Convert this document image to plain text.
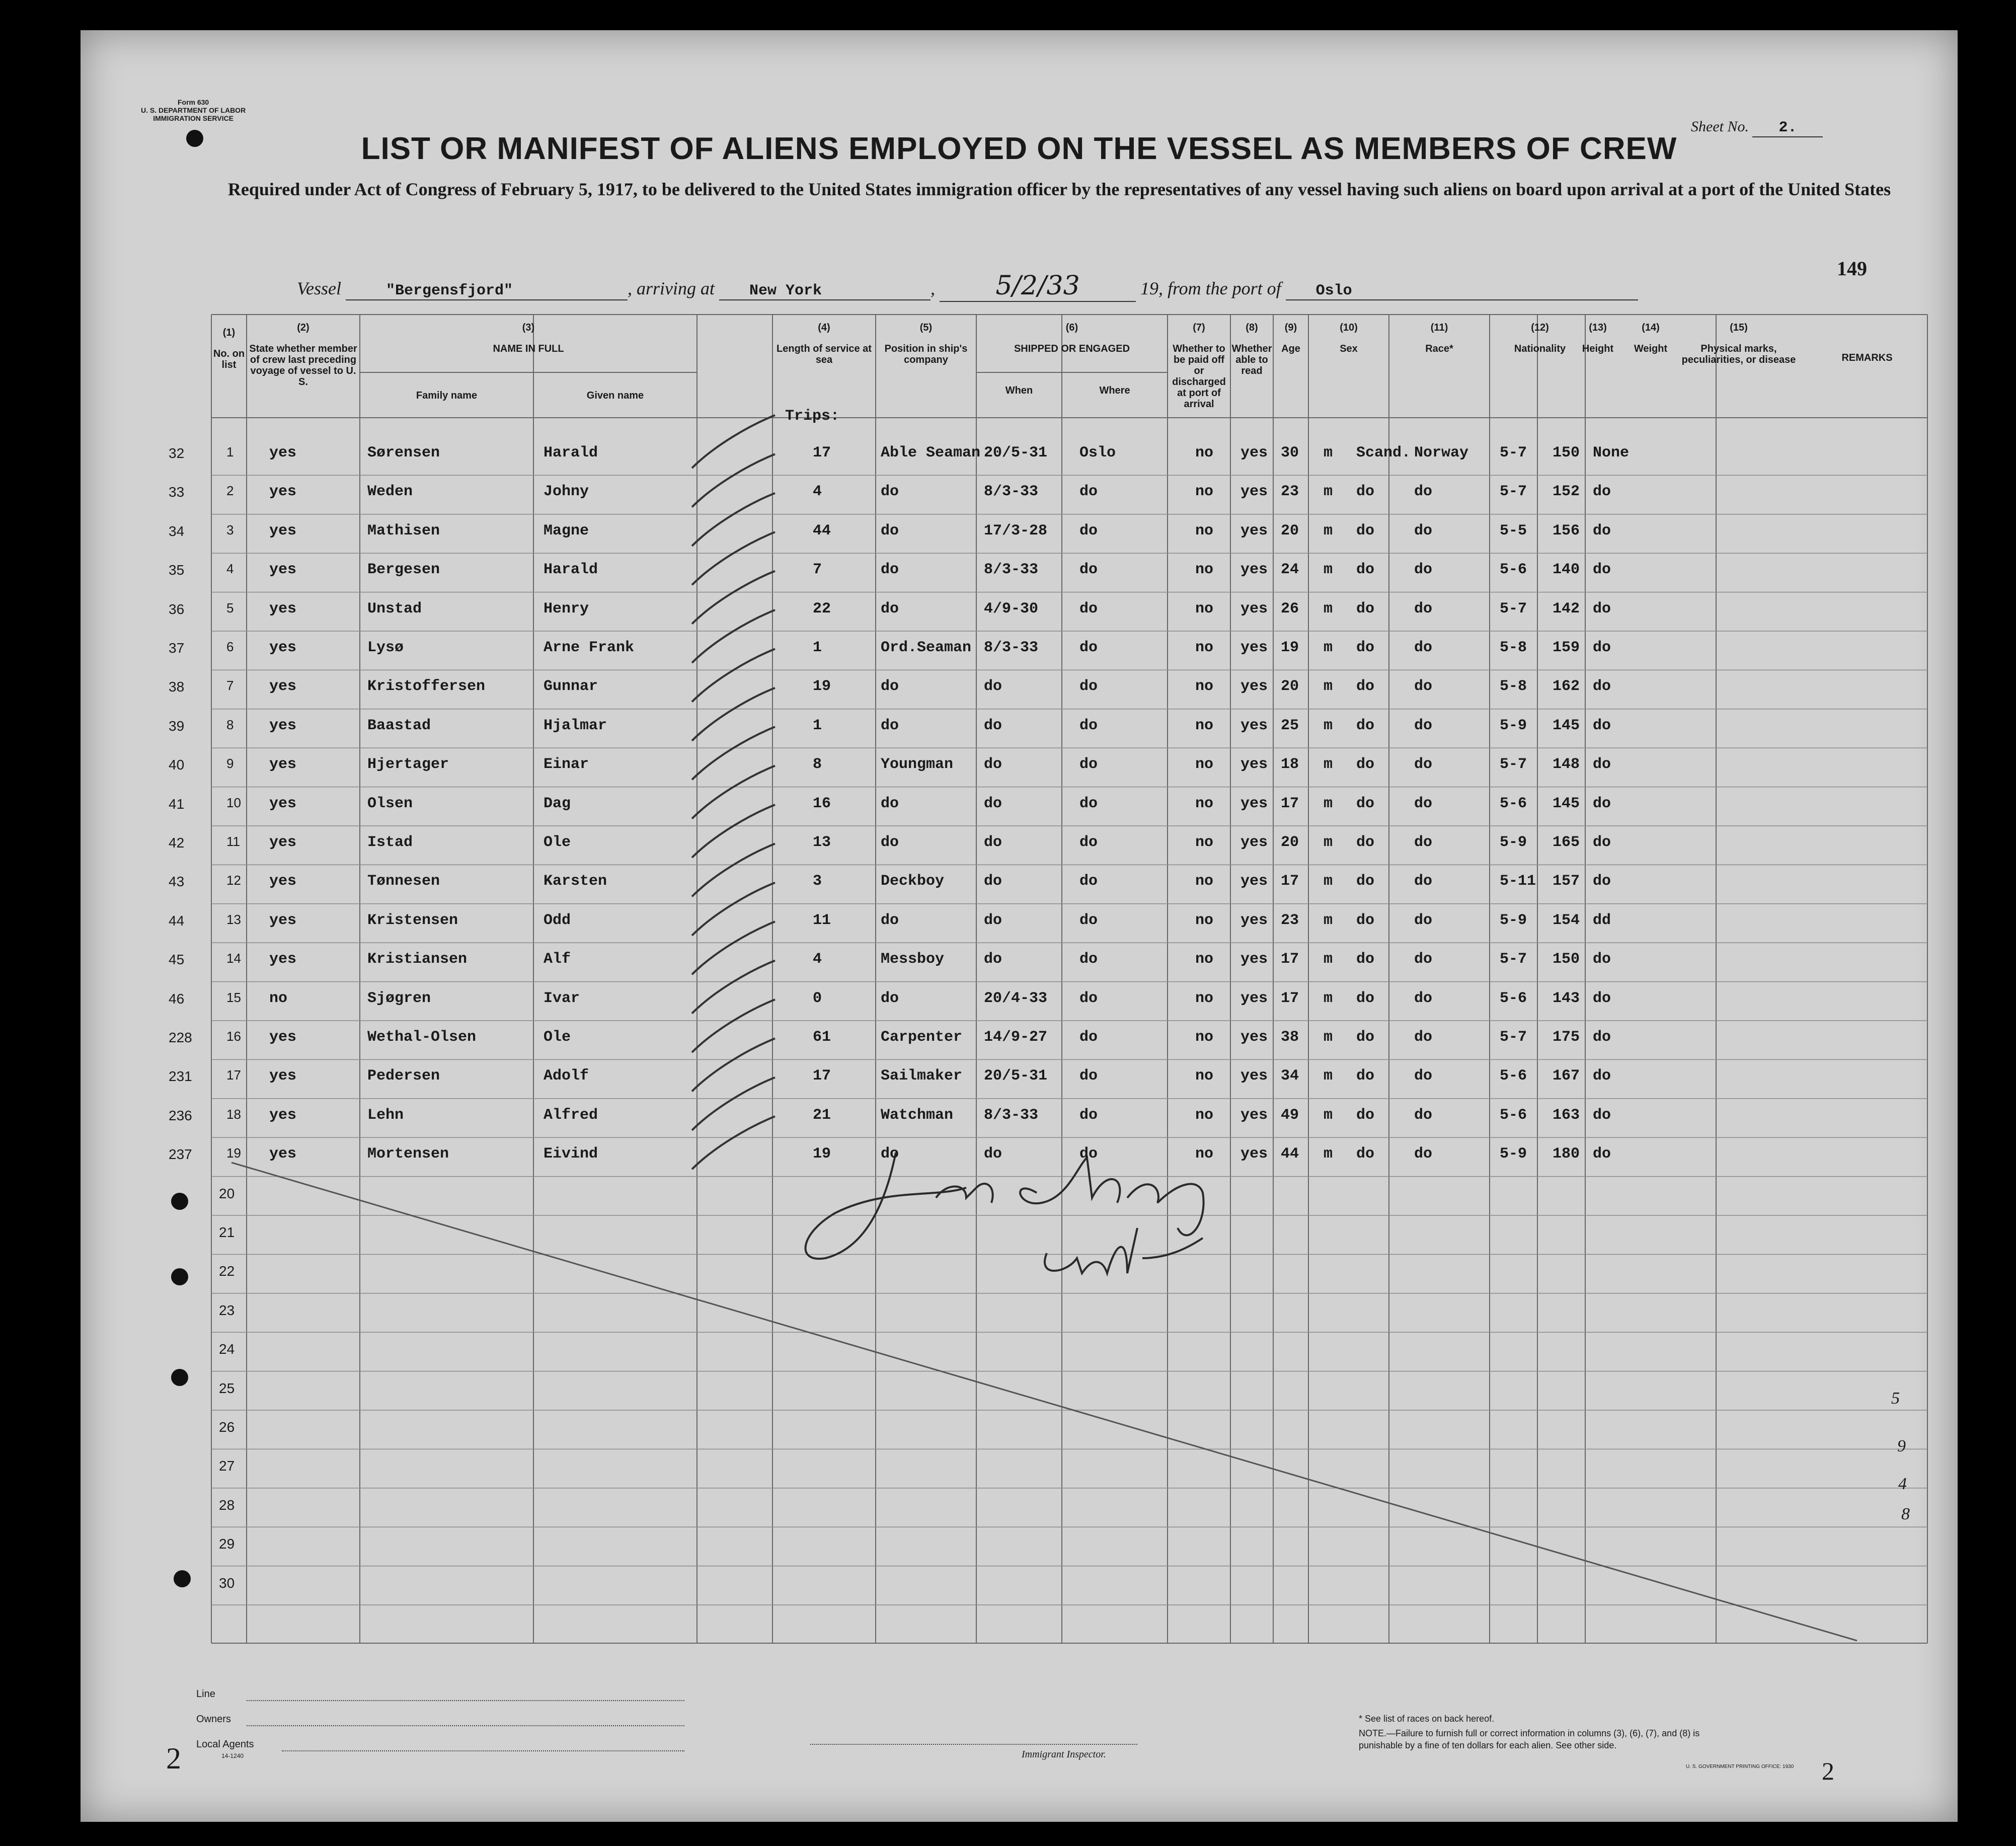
Form 630
U. S. DEPARTMENT OF LABOR
IMMIGRATION SERVICE
LIST OR MANIFEST OF ALIENS EMPLOYED ON THE VESSEL AS MEMBERS OF CREW
Required under Act of Congress of February 5, 1917, to be delivered to the United States immigration officer by the representatives of any vessel having such aliens on board upon arrival at a port of the United States
Sheet No. 2.
Vessel	"Bergensfjord"	, arriving at New York	, 5/2/33	19, from the port of Oslo
149
(1)
No. on list
(2)
State whether member of crew last preceding voyage of vessel to U. S.
(3)
NAME IN FULL
Family name	Given name
(4)
Length of service at sea
(5)
Position in ship's company
(6)
SHIPPED OR ENGAGED
When	Where
(7)
Whether to be paid off or discharged at port of arrival
(8)
Whether able to read
(9)
Age
(10)
Sex
(11)
Race*
(12)
Nationality
(13)
Height
(14)
Weight
(15)
Physical marks, peculiarities, or disease	REMARKS
Trips:
32	1 yes	Sørensen	Harald	17	Able Seaman 20/5-31 Oslo	no yes 30 m Scand. Norway 5-7 150 None
33	2 yes	Weden	Johny	4	do	8/3-33	do	no yes 23 m do	do	5-7 152 do
34	3 yes	Mathisen	Magne	44	do	17/3-28 do	no yes 20 m do	do	5-5 156 do
35	4 yes	Bergesen	Harald	7	do	8/3-33	do	no yes 24 m do	do	5-6 140 do
36	5 yes	Unstad	Henry	22	do	4/9-30	do	no yes 26 m do	do	5-7 142 do
37	6 yes	Lysø	Arne Frank	1	Ord.Seaman 8/3-33	do	no yes 19 m do	do	5-8 159 do
38	7 yes	Kristoffersen	Gunnar	19	do	do	do	no yes 20 m do	do	5-8 162 do
39	8 yes	Baastad	Hjalmar	1	do	do	do	no yes 25 m do	do	5-9 145 do
40	9 yes	Hjertager	Einar	8	Youngman do	do	no yes 18 m do	do	5-7 148 do
41	10 yes	Olsen	Dag	16	do	do	do	no yes 17 m do	do	5-6 145 do
42	11 yes	Istad	Ole	13	do	do	do	no yes 20 m do	do	5-9 165 do
43	12 yes	Tønnesen	Karsten	3	Deckboy	do	do	no yes 17 m do	do	5-11 157 do
44	13 yes	Kristensen	Odd	11	do	do	do	no yes 23 m do	do	5-9 154 dd
45	14 yes	Kristiansen	Alf	4	Messboy	do	do	no yes 17 m do	do	5-7 150 do
46	15 no	Sjøgren	Ivar	0	do	20/4-33 do	no yes 17 m do	do	5-6 143 do
228	16 yes	Wethal-Olsen	Ole	61	Carpenter 14/9-27 do	no yes 38 m do	do	5-7 175 do
231	17 yes	Pedersen	Adolf	17	Sailmaker 20/5-31 do	no yes 34 m do	do	5-6 167 do
236	18 yes	Lehn	Alfred	21	Watchman 8/3-33	do	no yes 49 m do	do	5-6 163 do
237	19 yes	Mortensen	Eivind	19	do	do	do	no yes 44 m do	do	5-9 180 do
20
21
22
23
24
25
26
27
28
29
30
Line
Owners
Local Agents
14-1240	Immigrant Inspector.
* See list of races on back hereof.
NOTE.—Failure to furnish full or correct information in columns (3), (6), (7), and (8) is punishable by a fine of ten dollars for each alien. See other side.
U. S. GOVERNMENT PRINTING OFFICE: 1930
2	2
5
9
4
8
